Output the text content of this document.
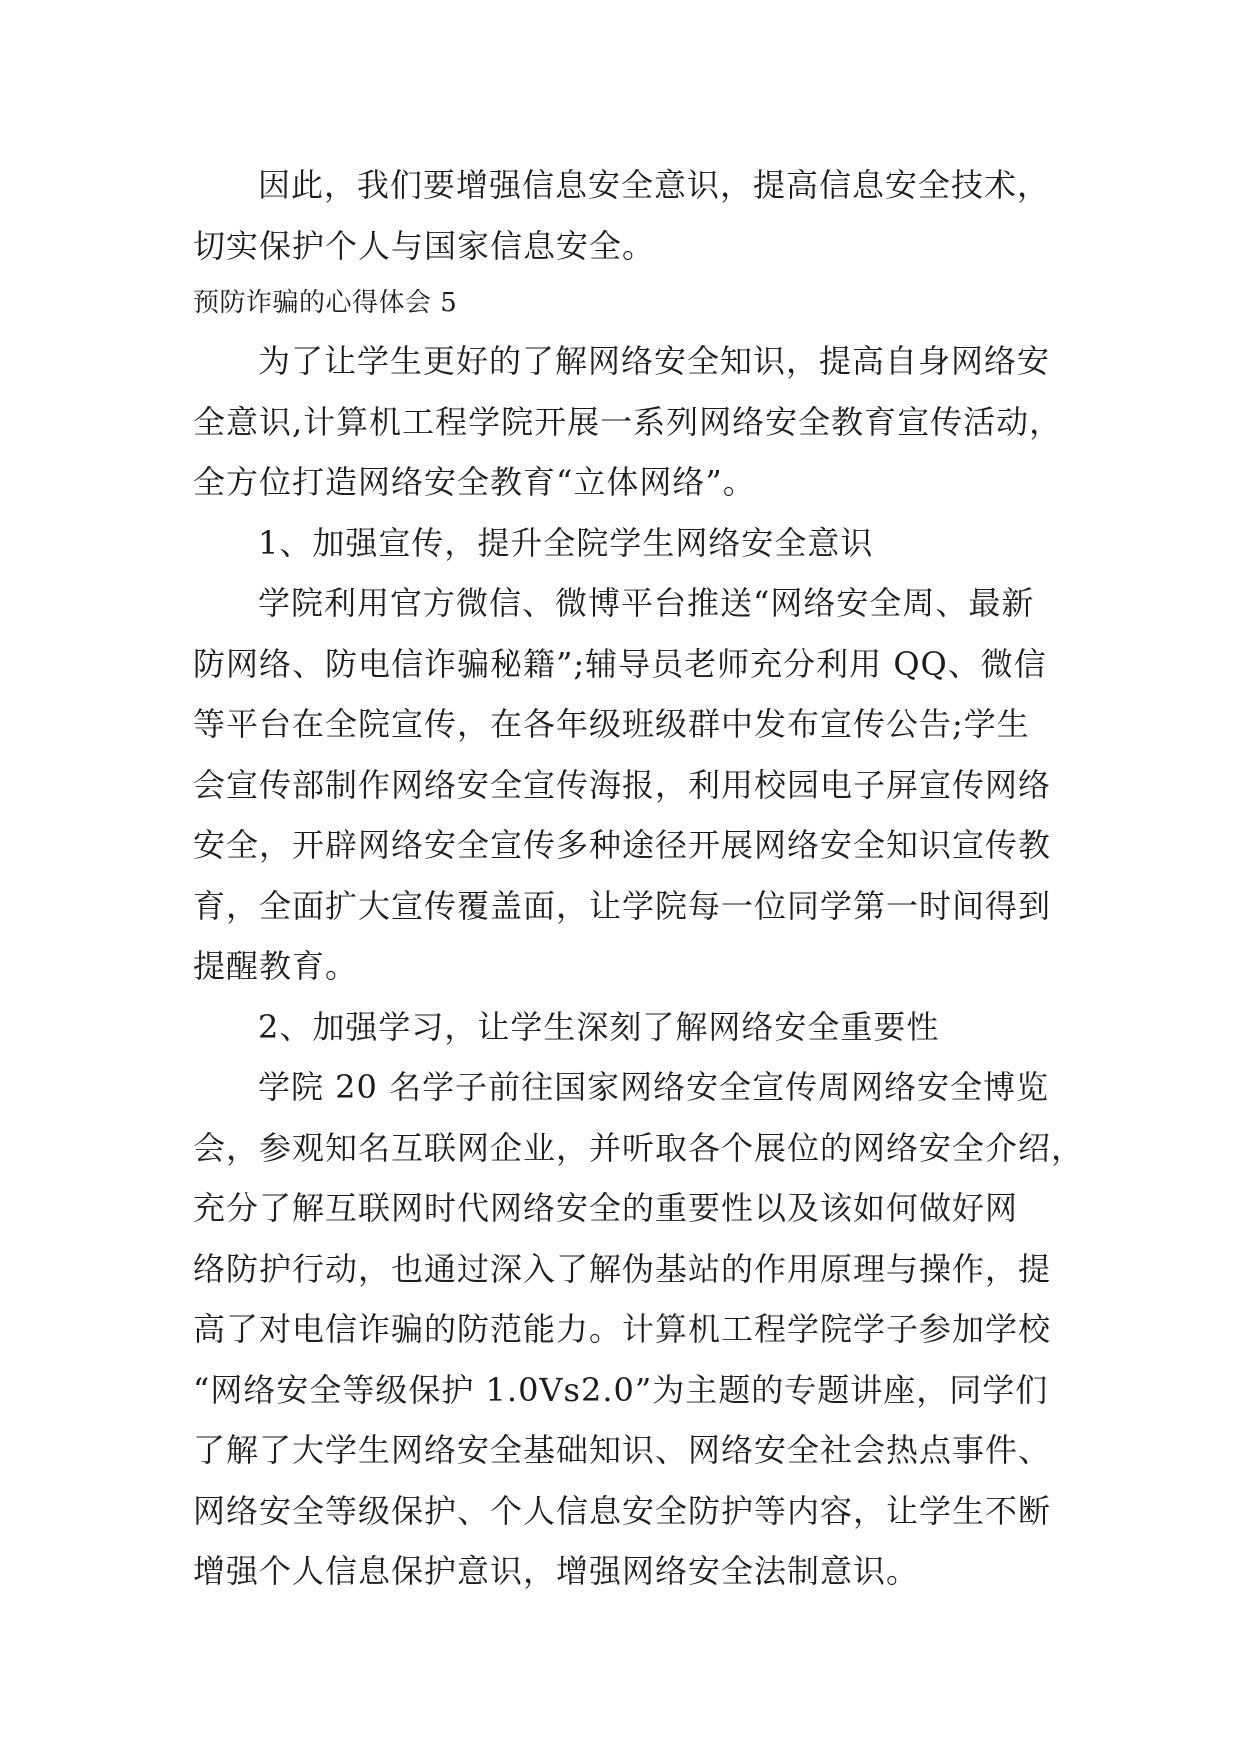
因此，我们要增强信息安全意识，提高信息安全技术，
切实保护个人与国家信息安全。
预防诈骗的心得体会 5
为了让学生更好的了解网络安全知识，提高自身网络安
全意识,计算机工程学院开展一系列网络安全教育宣传活动，
全方位打造网络安全教育“立体网络”。
1、加强宣传，提升全院学生网络安全意识
学院利用官方微信、微博平台推送“网络安全周、最新
防网络、防电信诈骗秘籍”;辅导员老师充分利用 QQ、微信
等平台在全院宣传，在各年级班级群中发布宣传公告;学生
会宣传部制作网络安全宣传海报，利用校园电子屏宣传网络
安全，开辟网络安全宣传多种途径开展网络安全知识宣传教
育，全面扩大宣传覆盖面，让学院每一位同学第一时间得到
提醒教育。
2、加强学习，让学生深刻了解网络安全重要性
学院 20 名学子前往国家网络安全宣传周网络安全博览
会，参观知名互联网企业，并听取各个展位的网络安全介绍，
充分了解互联网时代网络安全的重要性以及该如何做好网
络防护行动，也通过深入了解伪基站的作用原理与操作，提
高了对电信诈骗的防范能力。计算机工程学院学子参加学校
“网络安全等级保护 1.0Vs2.0”为主题的专题讲座，同学们
了解了大学生网络安全基础知识、网络安全社会热点事件、
网络安全等级保护、个人信息安全防护等内容，让学生不断
增强个人信息保护意识，增强网络安全法制意识。
